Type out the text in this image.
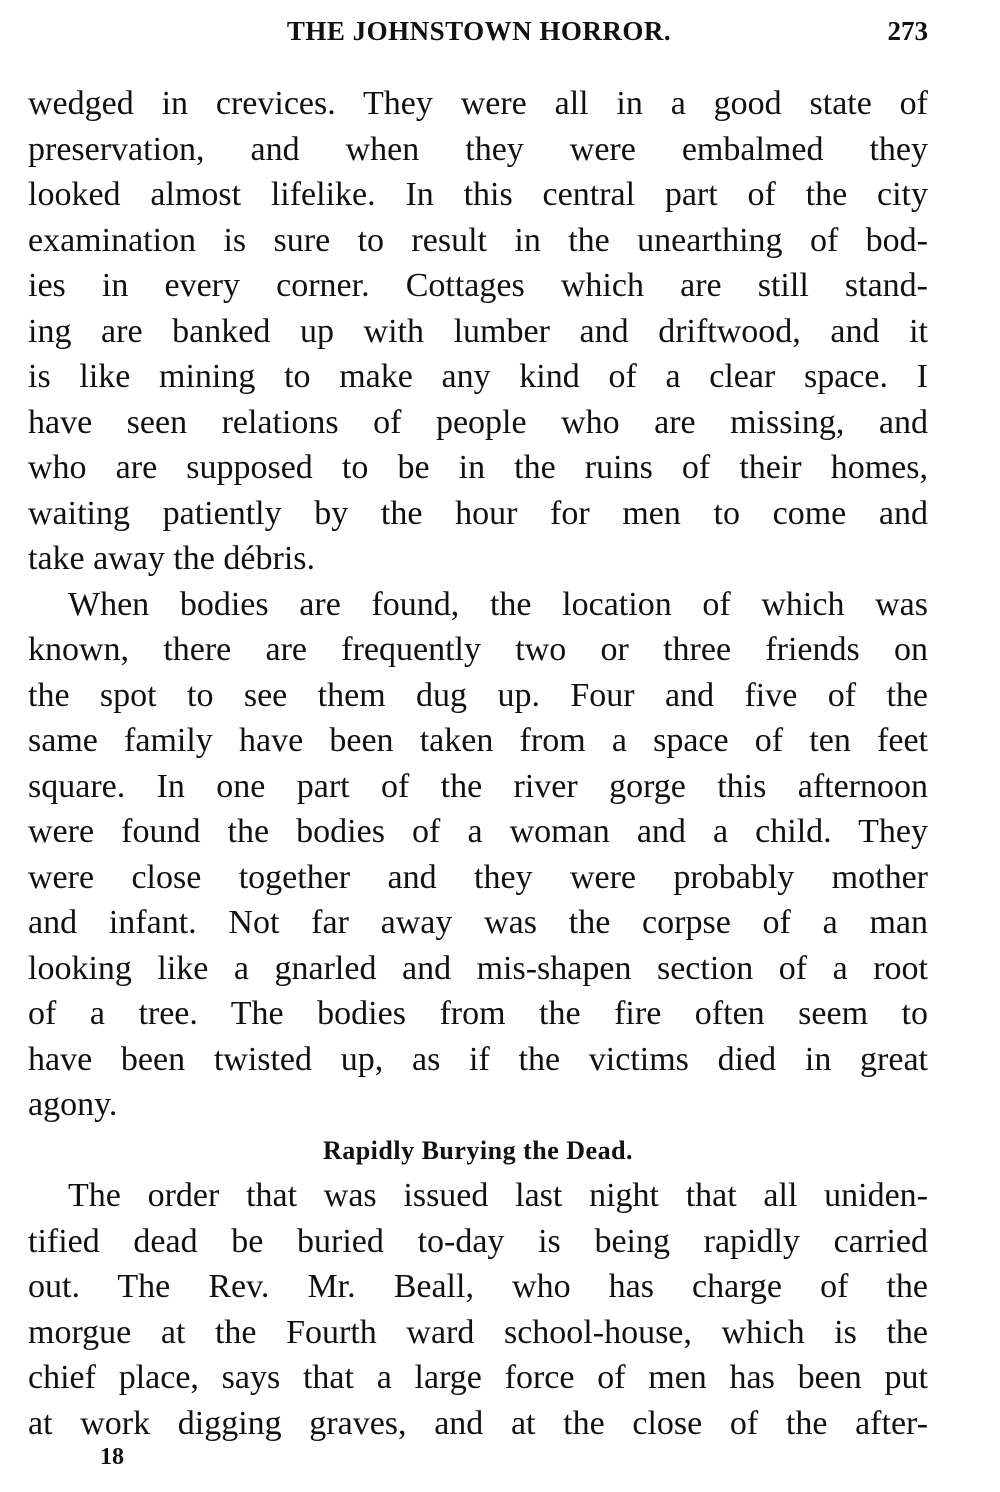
THE JOHNSTOWN HORROR.	273
wedged in crevices. They were all in a good state of
preservation, and when they were embalmed they
looked almost lifelike. In this central part of the city
examination is sure to result in the unearthing of bod-
ies in every corner. Cottages which are still stand-
ing are banked up with lumber and driftwood, and it
is like mining to make any kind of a clear space. I
have seen relations of people who are missing, and
who are supposed to be in the ruins of their homes,
waiting patiently by the hour for men to come and
take away the débris.
When bodies are found, the location of which was
known, there are frequently two or three friends on
the spot to see them dug up. Four and five of the
same family have been taken from a space of ten feet
square. In one part of the river gorge this afternoon
were found the bodies of a woman and a child. They
were close together and they were probably mother
and infant. Not far away was the corpse of a man
looking like a gnarled and mis-shapen section of a root
of a tree. The bodies from the fire often seem to
have been twisted up, as if the victims died in great
agony.
Rapidly Burying the Dead.
The order that was issued last night that all uniden-
tified dead be buried to-day is being rapidly carried
out. The Rev. Mr. Beall, who has charge of the
morgue at the Fourth ward school-house, which is the
chief place, says that a large force of men has been put
at work digging graves, and at the close of the after-
18
